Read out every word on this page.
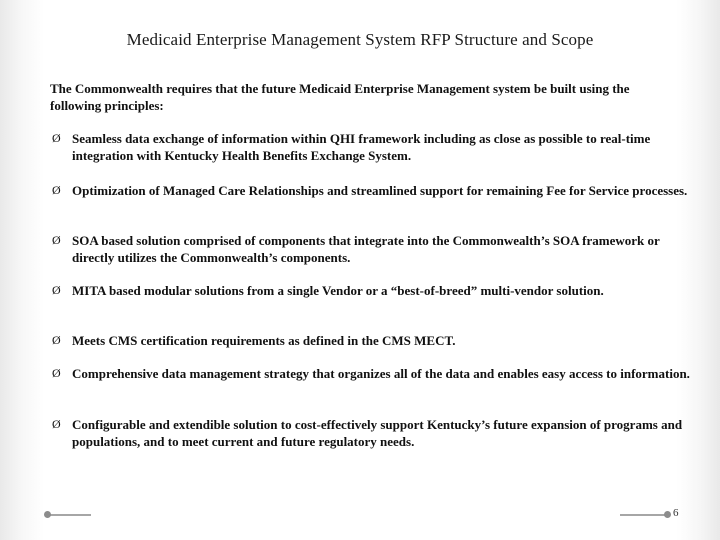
Medicaid Enterprise Management System RFP Structure and Scope
The Commonwealth requires that the future Medicaid Enterprise Management system be built using the following principles:
Ø Seamless data exchange of information within QHI framework including as close as possible to real-time integration with Kentucky Health Benefits Exchange System.
Ø Optimization of Managed Care Relationships and streamlined support for remaining Fee for Service processes.
Ø SOA based solution comprised of components that integrate into the Commonwealth’s SOA framework or directly utilizes the Commonwealth’s components.
Ø MITA based modular solutions from a single Vendor or a “best-of-breed” multi-vendor solution.
Ø Meets CMS certification requirements as defined in the CMS MECT.
Ø Comprehensive data management strategy that organizes all of the data and enables easy access to information.
Ø Configurable and extendible solution to cost-effectively support Kentucky’s future expansion of programs and populations, and to meet current and future regulatory needs.
6
